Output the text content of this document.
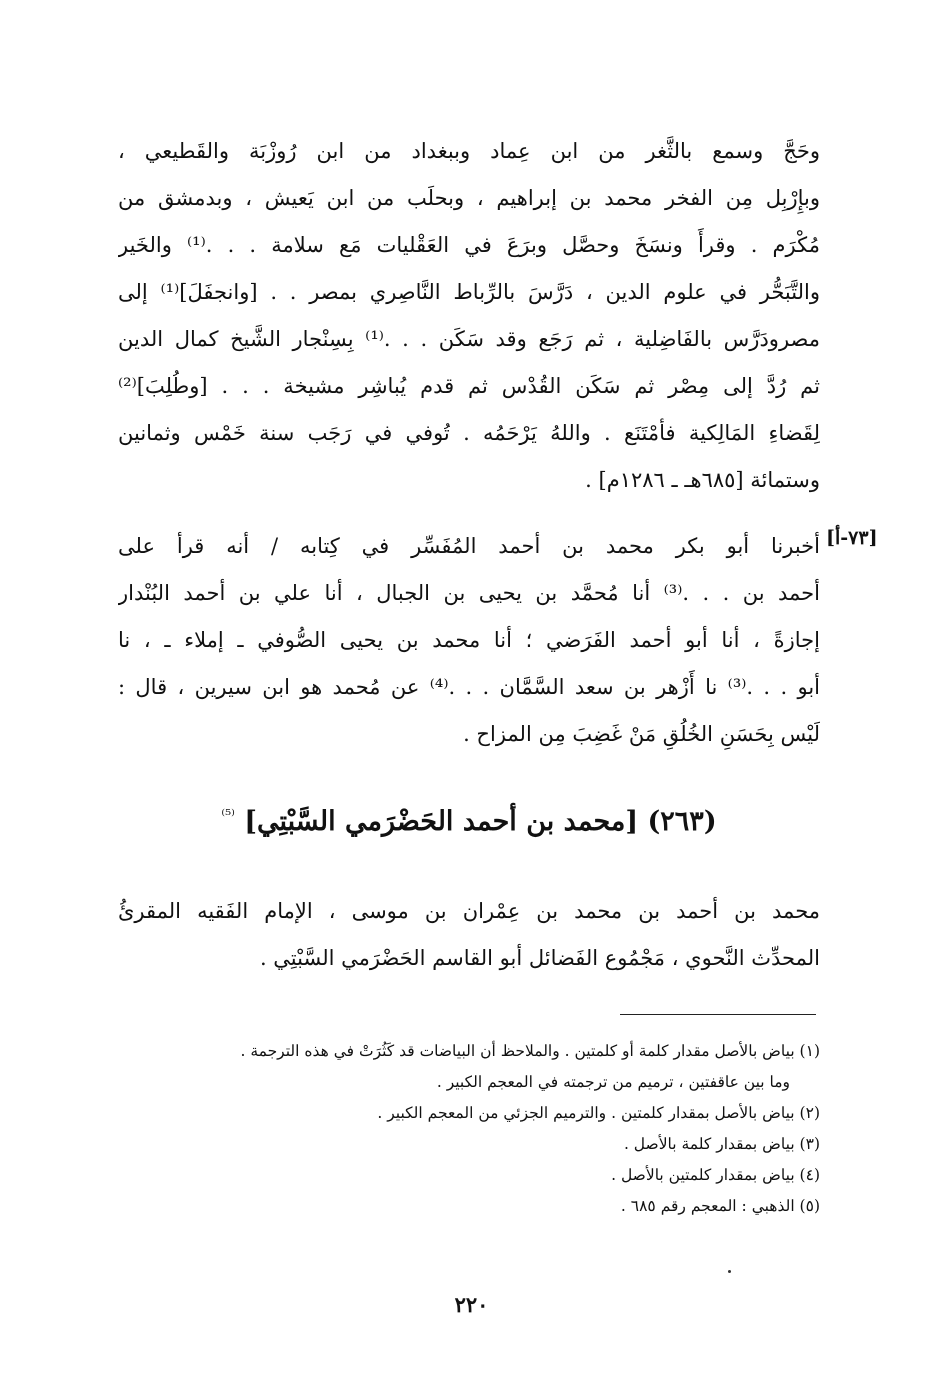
وحَجَّ وسمع بالثَّغر من ابن عِماد وببغداد من ابن رُوزْبَة والقَطيعي ،
وبإِرْبِل مِن الفخر محمد بن إبراهيم ، وبحلَب من ابن يَعيش ، وبدمشق من
مُكْرَم . وقرأَ ونسَخَ وحصَّل وبرَعَ في العَقْليات مَع سلامة . . .⁽¹⁾ والخَير
والتَّبَحُّر في علوم الدين ، دَرَّسَ بالرِّباط النَّاصِري بمصر . . [وانجفَلَ]⁽¹⁾ إلى
مصرودَرَّس بالفَاضِلية ، ثم رَجَع وقد سَكَن . . .⁽¹⁾ بِسِنْجار الشَّيخ كمال الدين
ثم رُدَّ إلى مِصْر ثم سَكَن القُدْس ثم قدم يُباشِر مشيخة . . . [وطُلِبَ]⁽²⁾
لِقَضاءِ المَالِكية فأمْتَنَع . واللهُ يَرْحَمُه . تُوفي في رَجَب سنة خَمْس وثمانين
وستمائة [٦٨٥هـ ـ ١٢٨٦م] .
[٧٣-أ]
أخبرنا أبو بكر محمد بن أحمد المُفَسِّر في كِتابه / أنه قرأ على
أحمد بن . . .⁽³⁾ أنا مُحمَّد بن يحيى بن الجبال ، أنا علي بن أحمد البُنْدار
إجازةً ، أنا أبو أحمد الفَرَضي ؛ أنا محمد بن يحيى الصُّوفي ـ إملاء ـ ، نا
أبو . . .⁽³⁾ نا أَزْهر بن سعد السَّمَّان . . .⁽⁴⁾ عن مُحمد هو ابن سيرين ، قال :
لَيْس بِحَسَنِ الخُلُقِ مَنْ غَضِبَ مِن المزاح .
(٢٦٣) [محمد بن أحمد الحَضْرَمي السَّبْتِي] $^{^{(5)}}$
محمد بن أحمد بن محمد بن عِمْران بن موسى ، الإمام الفَقيه المقرئُ
المحدِّث النَّحوي ، مَجْمُوع الفَضائل أبو القاسم الحَضْرَمي السَّبْتِي .
(١) بياض بالأصل مقدار كلمة أو كلمتين . والملاحظ أن البياضات قد كَثُرَتْ في هذه الترجمة .
وما بين عاقفتين ، ترميم من ترجمته في المعجم الكبير .
(٢) بياض بالأصل بمقدار كلمتين . والترميم الجزئي من المعجم الكبير .
(٣) بياض بمقدار كلمة بالأصل .
(٤) بياض بمقدار كلمتين بالأصل .
(٥) الذهبي : المعجم رقم ٦٨٥ .
٢٢٠
